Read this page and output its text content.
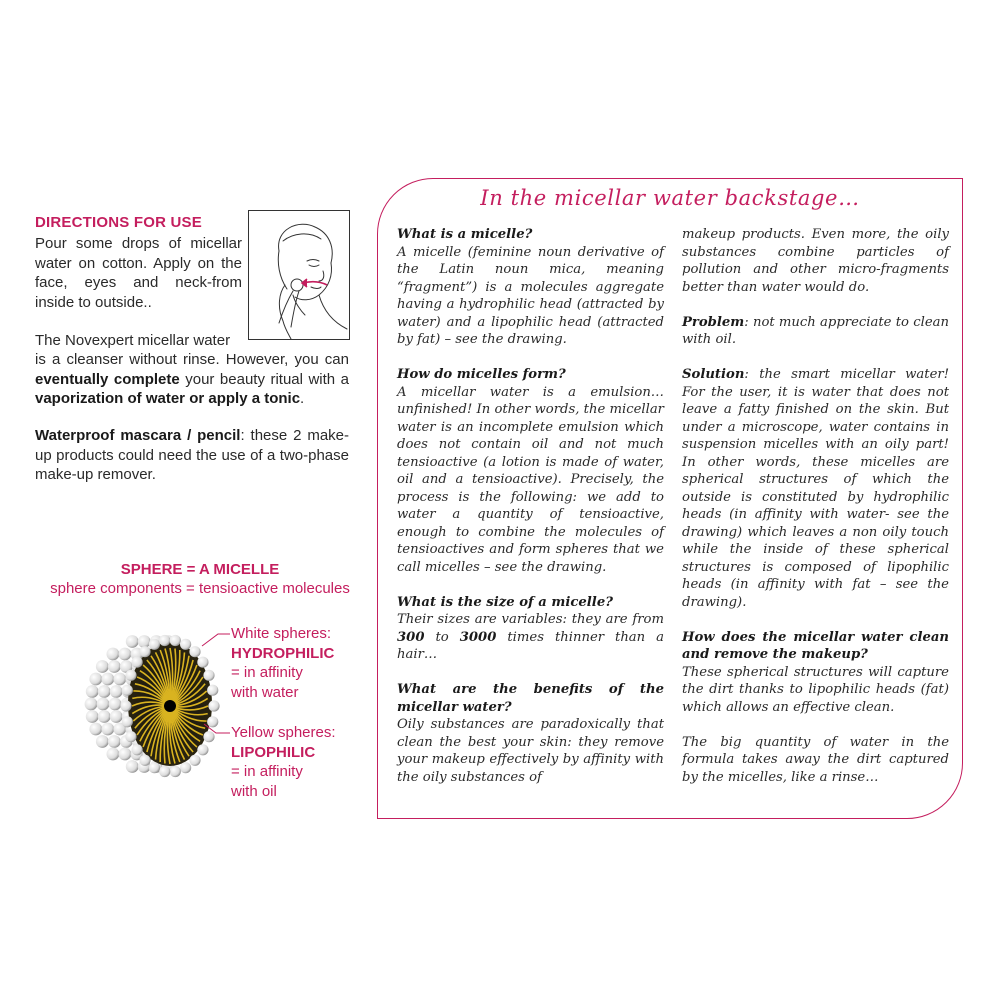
DIRECTIONS FOR USE
Pour some drops of micellar water on cotton. Apply on the face, eyes and neck-from inside to outside..
The Novexpert micellar water
is a cleanser without rinse. However, you can eventually complete your beauty ritual with a vaporization of water or apply a tonic.
Waterproof mascara / pencil: these 2 make-up products could need the use of a two-phase make-up remover.
SPHERE = A MICELLE
sphere components = tensioactive molecules
White spheres:
HYDROPHILIC
= in affinity
with water
Yellow spheres:
LIPOPHILIC
= in affinity
with oil
In the micellar water backstage…

What is a micelle?

A micelle (feminine noun derivative of the Latin noun mica, meaning “fragment”) is a molecules aggregate having a hydrophilic head (attracted by water) and a lipophilic head (attracted by fat) – see the drawing.

How do micelles form?

A micellar water is a emulsion… unfinished! In other words, the micellar water is an incomplete emulsion which does not contain oil and not much tensioactive (a lotion is made of water, oil and a tensioactive). Precisely, the process is the following: we add to water a quantity of tensioactive, enough to combine the molecules of tensioactives and form spheres that we call micelles – see the drawing.

What is the size of a micelle?

Their sizes are variables: they are from 300 to 3000 times thinner than a hair…

What are the benefits of the micellar water?

Oily substances are paradoxically that clean the best your skin: they remove your makeup effectively by affinity with the oily substances of

makeup products. Even more, the oily substances combine particles of pollution and other micro-fragments better than water would do.

Problem: not much appreciate to clean with oil.

Solution: the smart micellar water! For the user, it is water that does not leave a fatty finished on the skin. But under a microscope, water contains in suspension micelles with an oily part! In other words, these micelles are spherical structures of which the outside is constituted by hydrophilic heads (in affinity with water- see the drawing) which leaves a non oily touch while the inside of these spherical structures is composed of lipophilic heads (in affinity with fat – see the drawing).

How does the micellar water clean and remove the makeup?

These spherical structures will capture the dirt thanks to lipophilic heads (fat) which allows an effective clean.

The big quantity of water in the formula takes away the dirt captured by the micelles, like a rinse…
